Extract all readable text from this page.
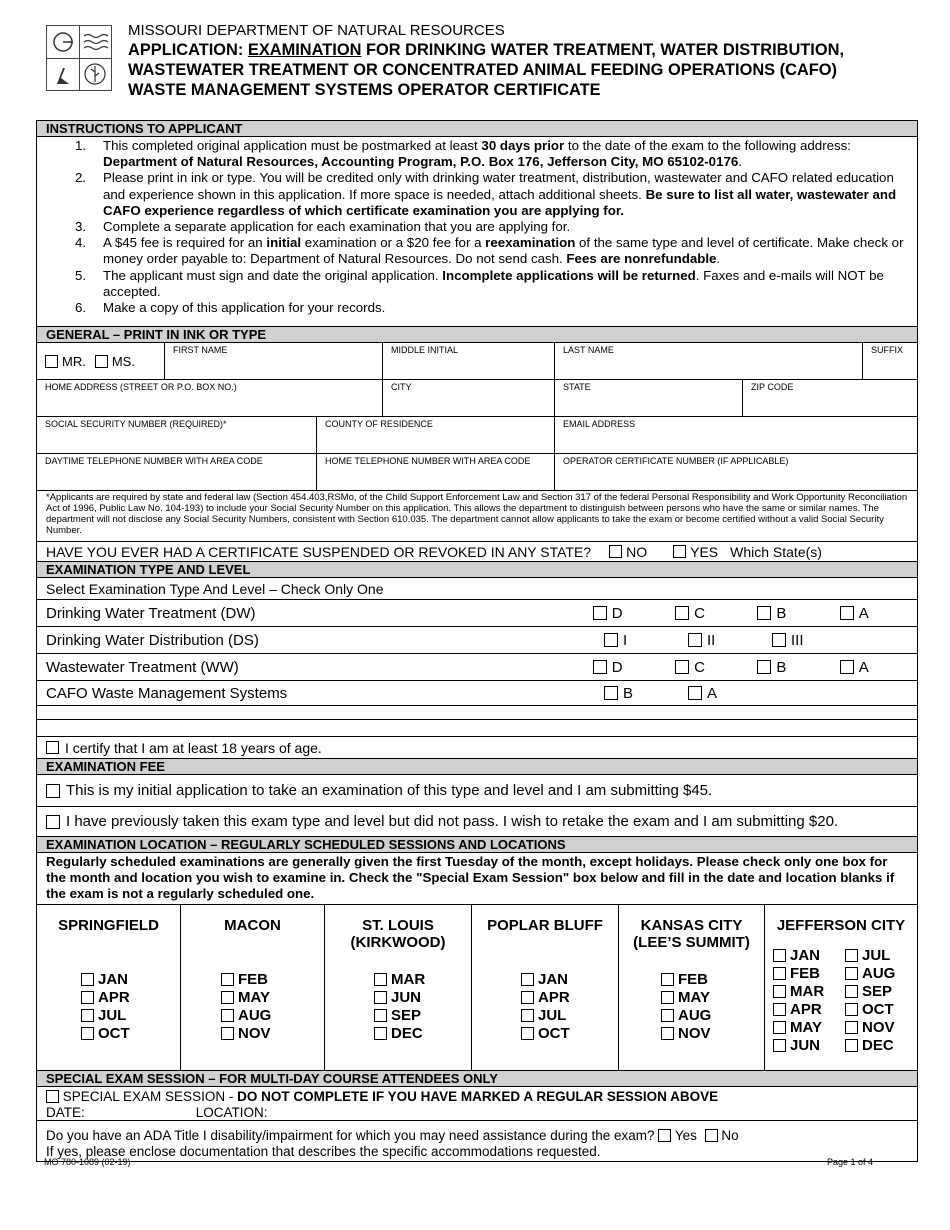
MISSOURI DEPARTMENT OF NATURAL RESOURCES
APPLICATION: EXAMINATION FOR DRINKING WATER TREATMENT, WATER DISTRIBUTION,
WASTEWATER TREATMENT OR CONCENTRATED ANIMAL FEEDING OPERATIONS (CAFO)
WASTE MANAGEMENT SYSTEMS OPERATOR CERTIFICATE
INSTRUCTIONS TO APPLICANT
1. This completed original application must be postmarked at least 30 days prior to the date of the exam to the following address: Department of Natural Resources, Accounting Program, P.O. Box 176, Jefferson City, MO 65102-0176.
2. Please print in ink or type. You will be credited only with drinking water treatment, distribution, wastewater and CAFO related education and experience shown in this application. If more space is needed, attach additional sheets. Be sure to list all water, wastewater and CAFO experience regardless of which certificate examination you are applying for.
3. Complete a separate application for each examination that you are applying for.
4. A $45 fee is required for an initial examination or a $20 fee for a reexamination of the same type and level of certificate. Make check or money order payable to: Department of Natural Resources. Do not send cash. Fees are nonrefundable.
5. The applicant must sign and date the original application. Incomplete applications will be returned. Faxes and e-mails will NOT be accepted.
6. Make a copy of this application for your records.
GENERAL – PRINT IN INK OR TYPE
MR. MS.
FIRST NAME	MIDDLE INITIAL	LAST NAME	SUFFIX
HOME ADDRESS (STREET OR P.O. BOX NO.)	CITY	STATE	ZIP CODE
SOCIAL SECURITY NUMBER (REQUIRED)*	COUNTY OF RESIDENCE	EMAIL ADDRESS
DAYTIME TELEPHONE NUMBER WITH AREA CODE	HOME TELEPHONE NUMBER WITH AREA CODE	OPERATOR CERTIFICATE NUMBER (IF APPLICABLE)
*Applicants are required by state and federal law (Section 454.403,RSMo, of the Child Support Enforcement Law and Section 317 of the federal Personal Responsibility and Work Opportunity Reconciliation Act of 1996, Public Law No. 104-193) to include your Social Security Number on this application. This allows the department to distinguish between persons who have the same or similar names. The department will not disclose any Social Security Numbers, consistent with Section 610.035. The department cannot allow applicants to take the exam or become certified without a valid Social Security Number.
HAVE YOU EVER HAD A CERTIFICATE SUSPENDED OR REVOKED IN ANY STATE?	NO	YES Which State(s)
EXAMINATION TYPE AND LEVEL
Select Examination Type And Level – Check Only One
Drinking Water Treatment (DW)	D	C	B	A
Drinking Water Distribution (DS)	I	II	III
Wastewater Treatment (WW)	D	C	B	A
CAFO Waste Management Systems	B	A
I certify that I am at least 18 years of age.
EXAMINATION FEE
This is my initial application to take an examination of this type and level and I am submitting $45.
I have previously taken this exam type and level but did not pass. I wish to retake the exam and I am submitting $20.
EXAMINATION LOCATION – REGULARLY SCHEDULED SESSIONS AND LOCATIONS
Regularly scheduled examinations are generally given the first Tuesday of the month, except holidays. Please check only one box for the month and location you wish to examine in. Check the "Special Exam Session" box below and fill in the date and location blanks if the exam is not a regularly scheduled one.
SPRINGFIELD
JAN
APR
JUL
OCT
MACON
FEB
MAY
AUG
NOV
ST. LOUIS
(KIRKWOOD)
MAR
JUN
SEP
DEC
POPLAR BLUFF
JAN
APR
JUL
OCT
KANSAS CITY
(LEE’S SUMMIT)
FEB
MAY
AUG
NOV
JEFFERSON CITY
JAN
FEB
MAR
APR
MAY
JUN
JUL
AUG
SEP
OCT
NOV
DEC
SPECIAL EXAM SESSION – FOR MULTI-DAY COURSE ATTENDEES ONLY
SPECIAL EXAM SESSION - DO NOT COMPLETE IF YOU HAVE MARKED A REGULAR SESSION ABOVE
DATE:	LOCATION:
Do you have an ADA Title I disability/impairment for which you may need assistance during the exam? Yes No
If yes, please enclose documentation that describes the specific accommodations requested.
MO 780-1089 (02-19)	Page 1 of 4
